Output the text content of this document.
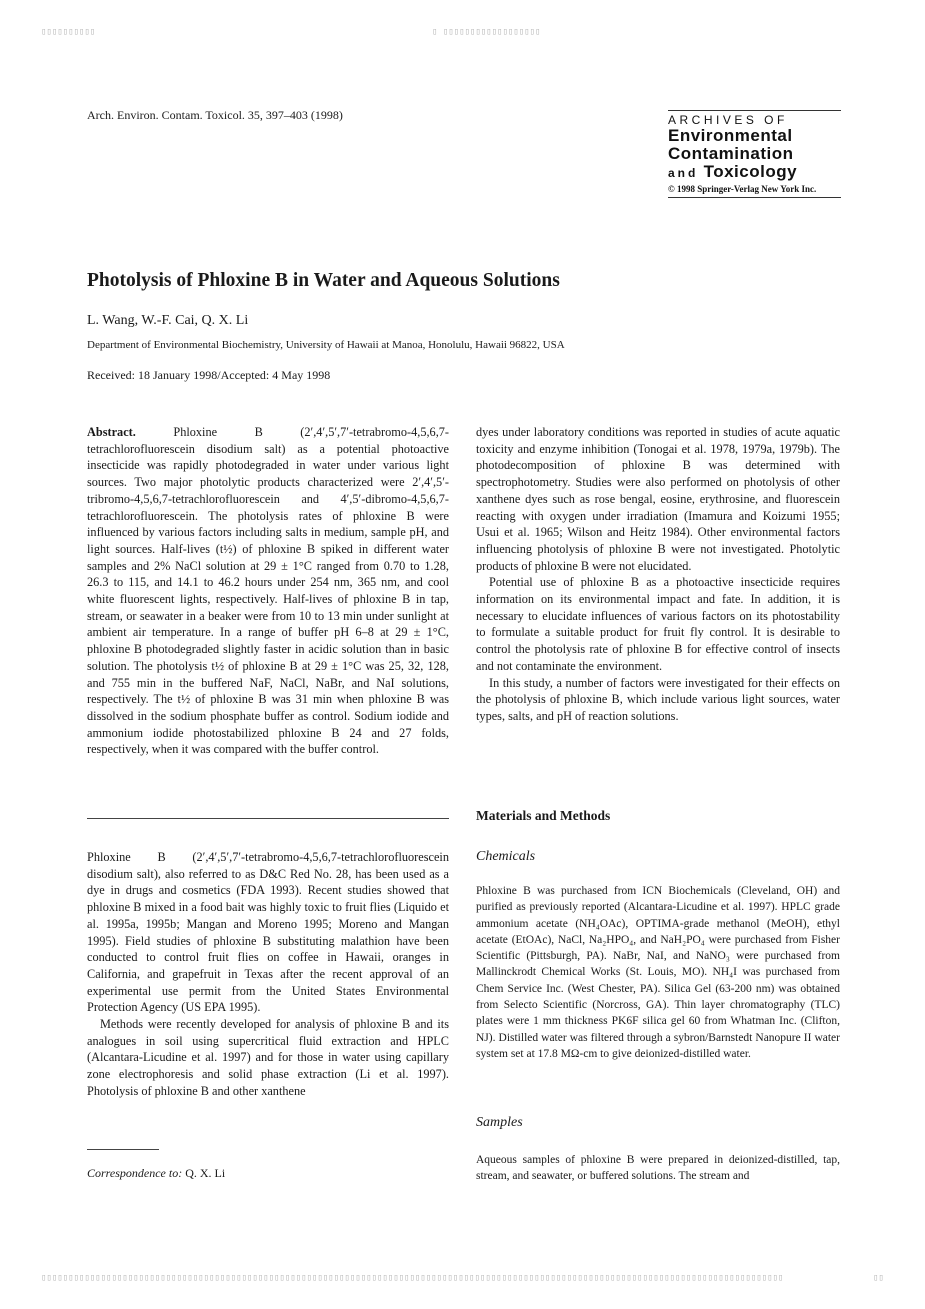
▯▯▯▯▯▯▯▯▯▯	▯ ▯▯▯▯▯▯▯▯▯▯▯▯▯▯▯▯▯▯
Arch. Environ. Contam. Toxicol. 35, 397–403 (1998)	ARCHIVES OF
Environmental
Contamination
and Toxicology
© 1998 Springer-Verlag New York Inc.
Photolysis of Phloxine B in Water and Aqueous Solutions
L. Wang, W.-F. Cai, Q. X. Li
Department of Environmental Biochemistry, University of Hawaii at Manoa, Honolulu, Hawaii 96822, USA
Received: 18 January 1998/Accepted: 4 May 1998

Abstract.	Phloxine B (2′,4′,5′,7′-tetrabromo-4,5,6,7-tetrachlorofluorescein disodium salt) as a potential photoactive insecticide was rapidly photodegraded in water under various light sources. Two major photolytic products characterized were 2′,4′,5′-tribromo-4,5,6,7-tetrachlorofluorescein and 4′,5′-dibromo-4,5,6,7-tetrachlorofluorescein. The photolysis rates of phloxine B were influenced by various factors including salts in medium, sample pH, and light sources. Half-lives (t½) of phloxine B spiked in different water samples and 2% NaCl solution at 29 ± 1°C ranged from 0.70 to 1.28, 26.3 to 115, and 14.1 to 46.2 hours under 254 nm, 365 nm, and cool white fluorescent lights, respectively. Half-lives of phloxine B in tap, stream, or seawater in a beaker were from 10 to 13 min under sunlight at ambient air temperature. In a range of buffer pH 6–8 at 29 ± 1°C, phloxine B photodegraded slightly faster in acidic solution than in basic solution. The photolysis t½ of phloxine B at 29 ± 1°C was 25, 32, 128, and 755 min in the buffered NaF, NaCl, NaBr, and NaI solutions, respectively. The t½ of phloxine B was 31 min when phloxine B was dissolved in the sodium phosphate buffer as control. Sodium iodide and ammonium iodide photostabilized phloxine B 24 and 27 folds, respectively, when it was compared with the buffer control.

Phloxine B (2′,4′,5′,7′-tetrabromo-4,5,6,7-tetrachlorofluorescein disodium salt), also referred to as D&C Red No. 28, has been used as a dye in drugs and cosmetics (FDA 1993). Recent studies showed that phloxine B mixed in a food bait was highly toxic to fruit flies (Liquido et al. 1995a, 1995b; Mangan and Moreno 1995; Moreno and Mangan 1995). Field studies of phloxine B substituting malathion have been conducted to control fruit flies on coffee in Hawaii, oranges in California, and grapefruit in Texas after the recent approval of an experimental use permit from the United States Environmental Protection Agency (US EPA 1995).

Methods were recently developed for analysis of phloxine B and its analogues in soil using supercritical fluid extraction and HPLC (Alcantara-Licudine et al. 1997) and for those in water using capillary zone electrophoresis and solid phase extraction (Li et al. 1997). Photolysis of phloxine B and other xanthene

Correspondence to: Q. X. Li

dyes under laboratory conditions was reported in studies of acute aquatic toxicity and enzyme inhibition (Tonogai et al. 1978, 1979a, 1979b). The photodecomposition of phloxine B was determined with spectrophotometry. Studies were also performed on photolysis of other xanthene dyes such as rose bengal, eosine, erythrosine, and fluorescein reacting with oxygen under irradiation (Imamura and Koizumi 1955; Usui et al. 1965; Wilson and Heitz 1984). Other environmental factors influencing photolysis of phloxine B were not investigated. Photolytic products of phloxine B were not elucidated.

Potential use of phloxine B as a photoactive insecticide requires information on its environmental impact and fate. In addition, it is necessary to elucidate influences of various factors on its photostability to formulate a suitable product for fruit fly control. It is desirable to control the photolysis rate of phloxine B for effective control of insects and not contaminate the environment.

In this study, a number of factors were investigated for their effects on the photolysis of phloxine B, which include various light sources, water types, salts, and pH of reaction solutions.

Materials and Methods
Chemicals

Phloxine B was purchased from ICN Biochemicals (Cleveland, OH) and purified as previously reported (Alcantara-Licudine et al. 1997). HPLC grade ammonium acetate (NH₄OAc), OPTIMA-grade methanol (MeOH), ethyl acetate (EtOAc), NaCl, Na₂HPO₄, and NaH₂PO₄ were purchased from Fisher Scientific (Pittsburgh, PA). NaBr, NaI, and NaNO₃ were purchased from Mallinckrodt Chemical Works (St. Louis, MO). NH₄I was purchased from Chem Service Inc. (West Chester, PA). Silica Gel (63-200 nm) was obtained from Selecto Scientific (Norcross, GA). Thin layer chromatography (TLC) plates were 1 mm thickness PK6F silica gel 60 from Whatman Inc. (Clifton, NJ). Distilled water was filtered through a sybron/Barnstedt Nanopure II water system set at 17.8 MΩ-cm to give deionized-distilled water.

Samples

Aqueous samples of phloxine B were prepared in deionized-distilled, tap, stream, and seawater, or buffered solutions. The stream and

▯▯▯▯▯▯▯▯▯▯▯▯▯▯▯▯▯▯▯▯▯▯▯▯▯▯▯▯▯▯▯▯▯▯▯▯▯▯▯▯▯▯▯▯▯▯▯▯▯▯▯▯▯▯▯▯▯▯▯▯▯▯▯▯▯▯▯▯▯▯▯▯▯▯▯▯▯▯▯▯▯▯▯▯▯▯▯▯▯▯▯▯▯▯▯▯▯▯▯▯▯▯▯▯▯▯▯▯▯▯▯▯▯▯▯▯▯▯▯▯▯▯▯▯▯▯▯▯▯▯▯▯▯▯▯▯▯	▯▯
